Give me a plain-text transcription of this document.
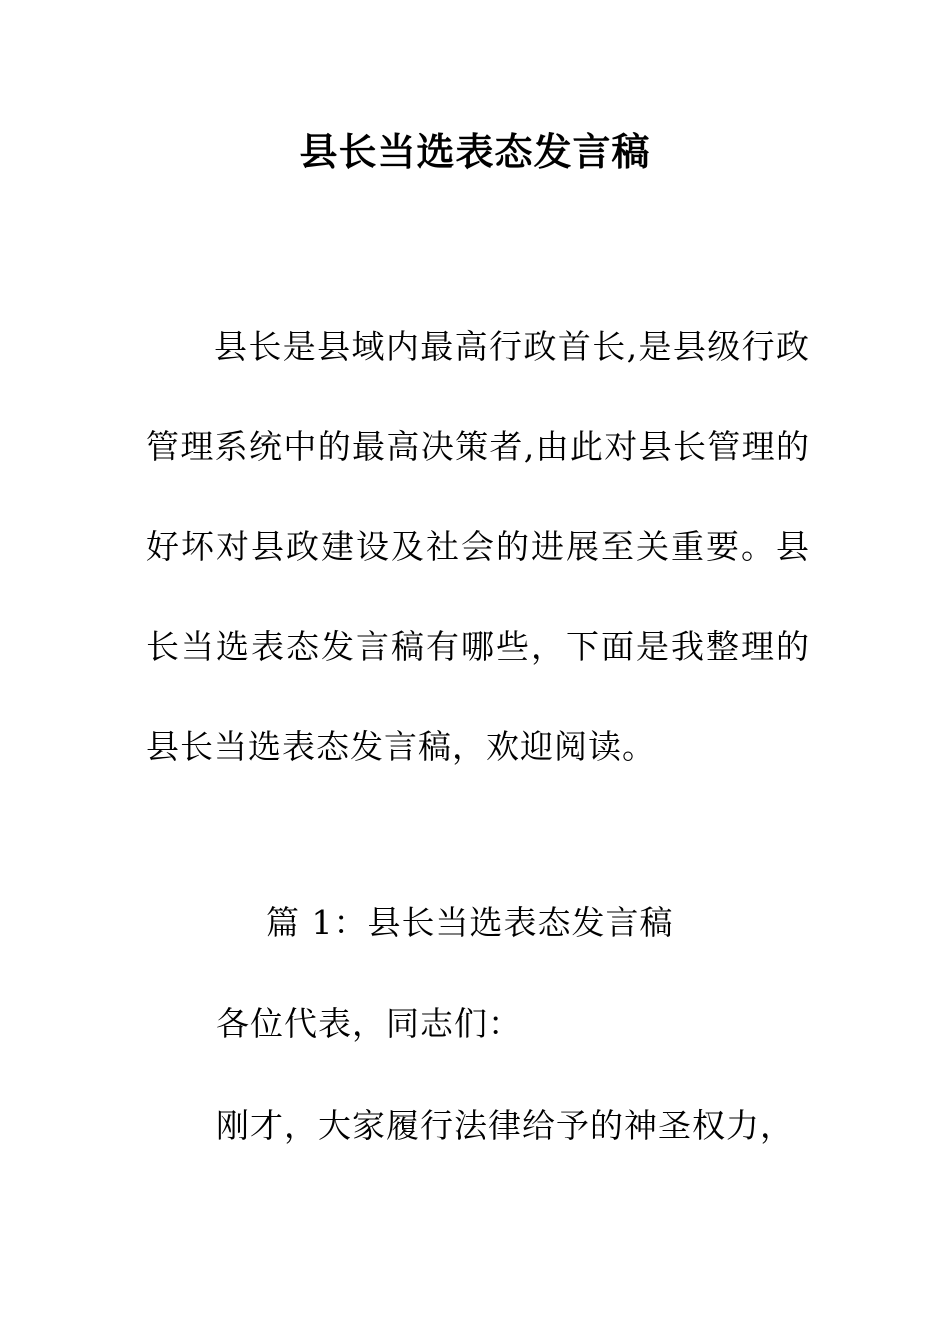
县长当选表态发言稿

县长是县域内最高行政首长,是县级行政管理系统中的最高决策者,由此对县长管理的好坏对县政建设及社会的进展至关重要。县长当选表态发言稿有哪些，下面是我整理的县长当选表态发言稿，欢迎阅读。

篇 1：县长当选表态发言稿

各位代表，同志们：

刚才，大家履行法律给予的神圣权力，
